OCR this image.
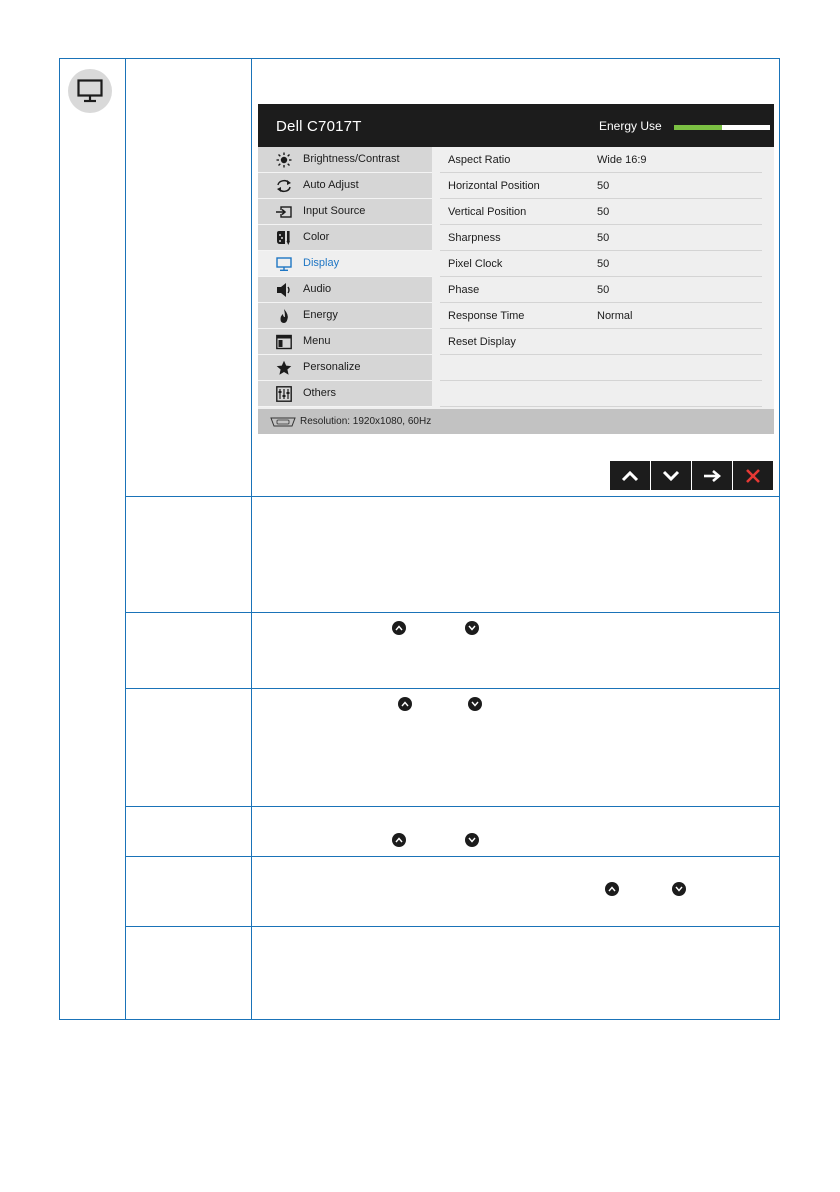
Dell C7017T	Energy Use
Brightness/Contrast
Auto Adjust
Input Source
Color
Display
Audio
Energy
Menu
Personalize
Others
Aspect Ratio	Wide 16:9
Horizontal Position	50
Vertical Position	50
Sharpness	50
Pixel Clock	50
Phase	50
Response Time	Normal
Reset Display
Resolution: 1920x1080, 60Hz
